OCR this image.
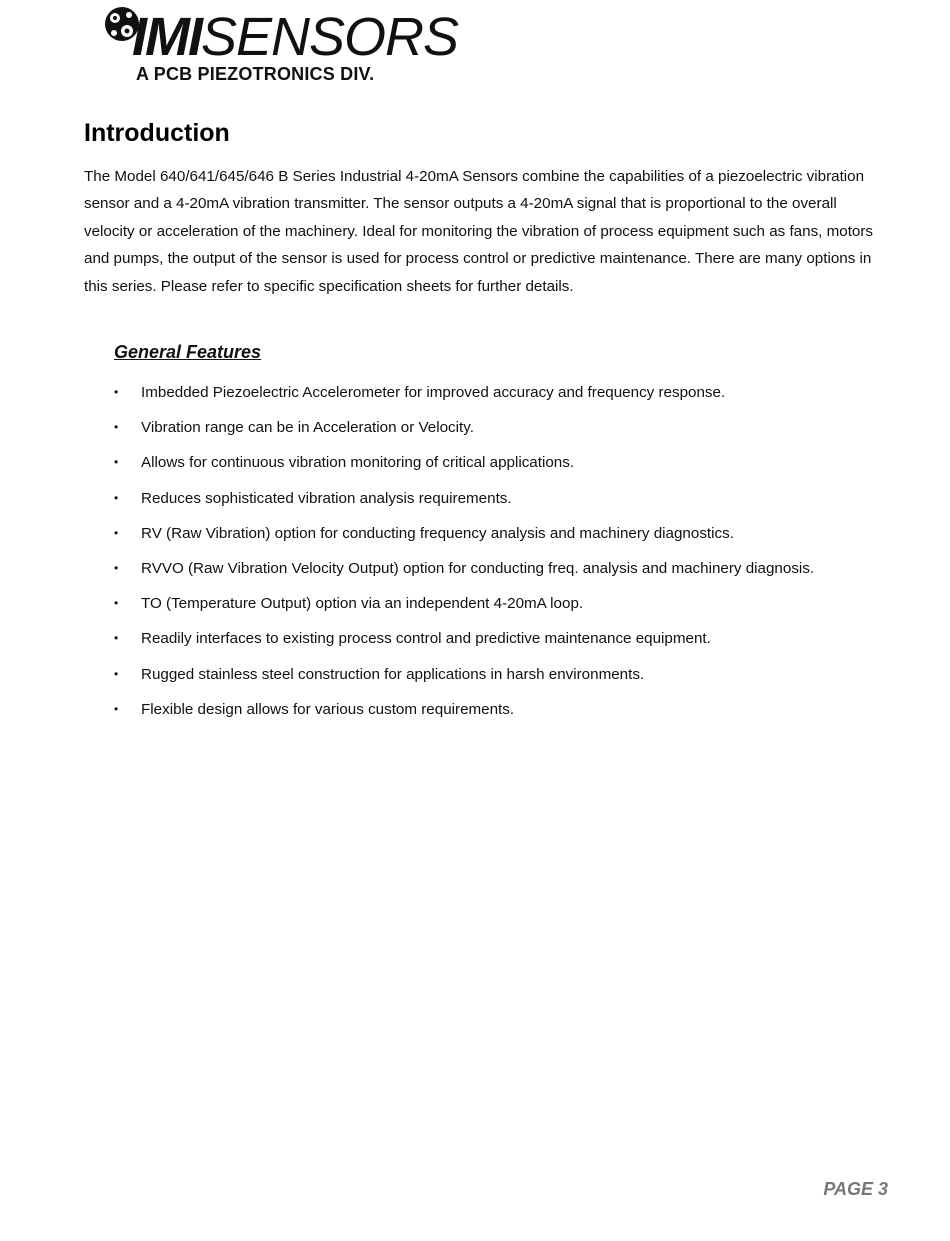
IMISENSORS
A PCB PIEZOTRONICS DIV.
Introduction

The Model 640/641/645/646 B Series Industrial 4-20mA Sensors combine the capabilities of a piezoelectric vibration sensor and a 4-20mA vibration transmitter. The sensor outputs a 4-20mA signal that is proportional to the overall velocity or acceleration of the machinery. Ideal for monitoring the vibration of process equipment such as fans, motors and pumps, the output of the sensor is used for process control or predictive maintenance. There are many options in this series. Please refer to specific specification sheets for further details.

General Features
• Imbedded Piezoelectric Accelerometer for improved accuracy and frequency response.
• Vibration range can be in Acceleration or Velocity.
• Allows for continuous vibration monitoring of critical applications.
• Reduces sophisticated vibration analysis requirements.
• RV (Raw Vibration) option for conducting frequency analysis and machinery diagnostics.
• RVVO (Raw Vibration Velocity Output) option for conducting freq. analysis and machinery diagnosis.
• TO (Temperature Output) option via an independent 4-20mA loop.
• Readily interfaces to existing process control and predictive maintenance equipment.
• Rugged stainless steel construction for applications in harsh environments.
• Flexible design allows for various custom requirements.
PAGE 3
